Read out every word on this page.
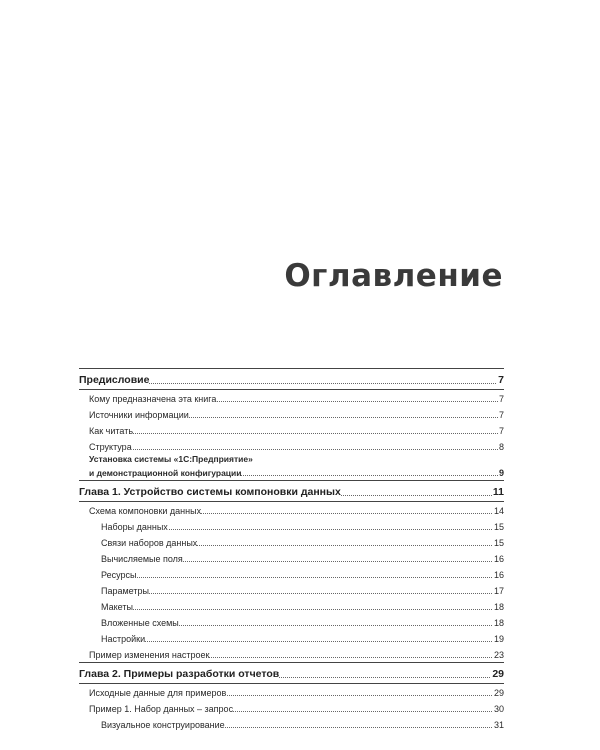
Оглавление
Предисловие	7
Кому предназначена эта книга	7
Источники информации	7
Как читать	7
Структура	8
Установка системы «1С:Предприятие»
и демонстрационной конфигурации	9
Глава 1. Устройство системы компоновки данных	11
Схема компоновки данных	14
Наборы данных	15
Связи наборов данных	15
Вычисляемые поля	16
Ресурсы	16
Параметры	17
Макеты	18
Вложенные схемы	18
Настройки	19
Пример изменения настроек	23
Глава 2. Примеры разработки отчетов	29
Исходные данные для примеров	29
Пример 1. Набор данных – запрос	30
Визуальное конструирование	31
